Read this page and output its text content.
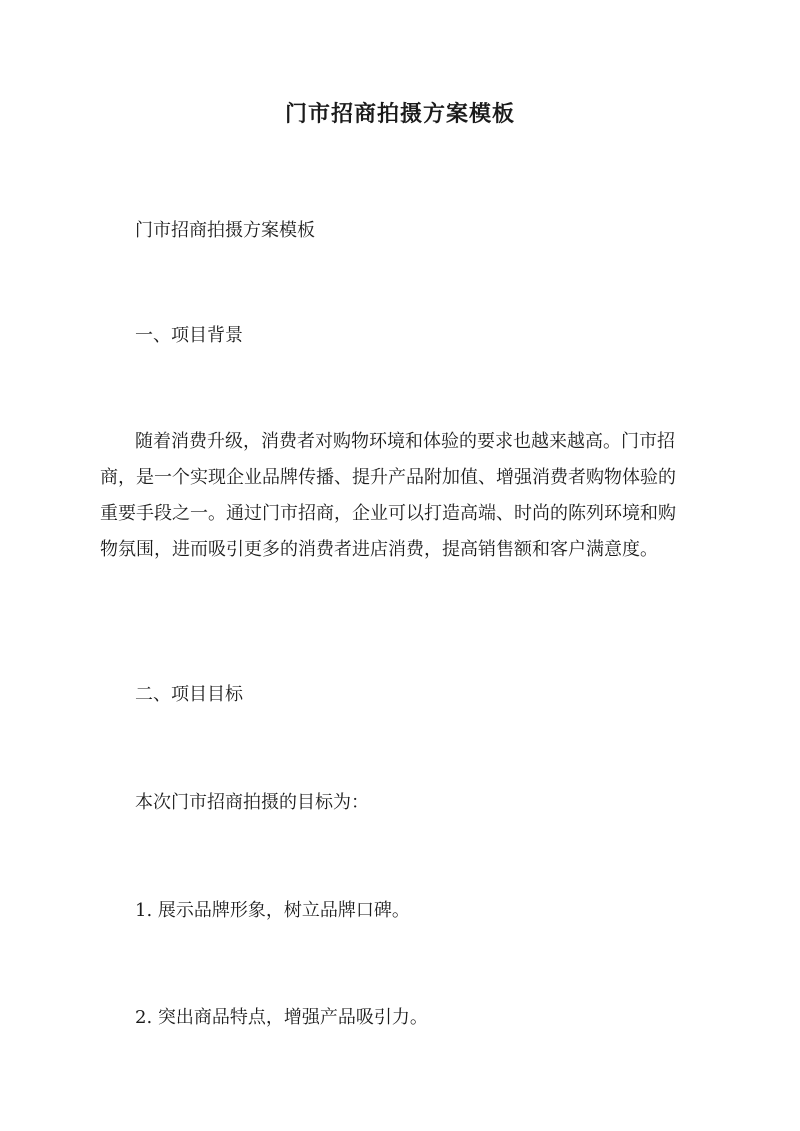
门市招商拍摄方案模板
门市招商拍摄方案模板
一、项目背景
随着消费升级，消费者对购物环境和体验的要求也越来越高。门市招
商，是一个实现企业品牌传播、提升产品附加值、增强消费者购物体验的
重要手段之一。通过门市招商，企业可以打造高端、时尚的陈列环境和购
物氛围，进而吸引更多的消费者进店消费，提高销售额和客户满意度。
二、项目目标
本次门市招商拍摄的目标为：
1. 展示品牌形象，树立品牌口碑。
2. 突出商品特点，增强产品吸引力。
